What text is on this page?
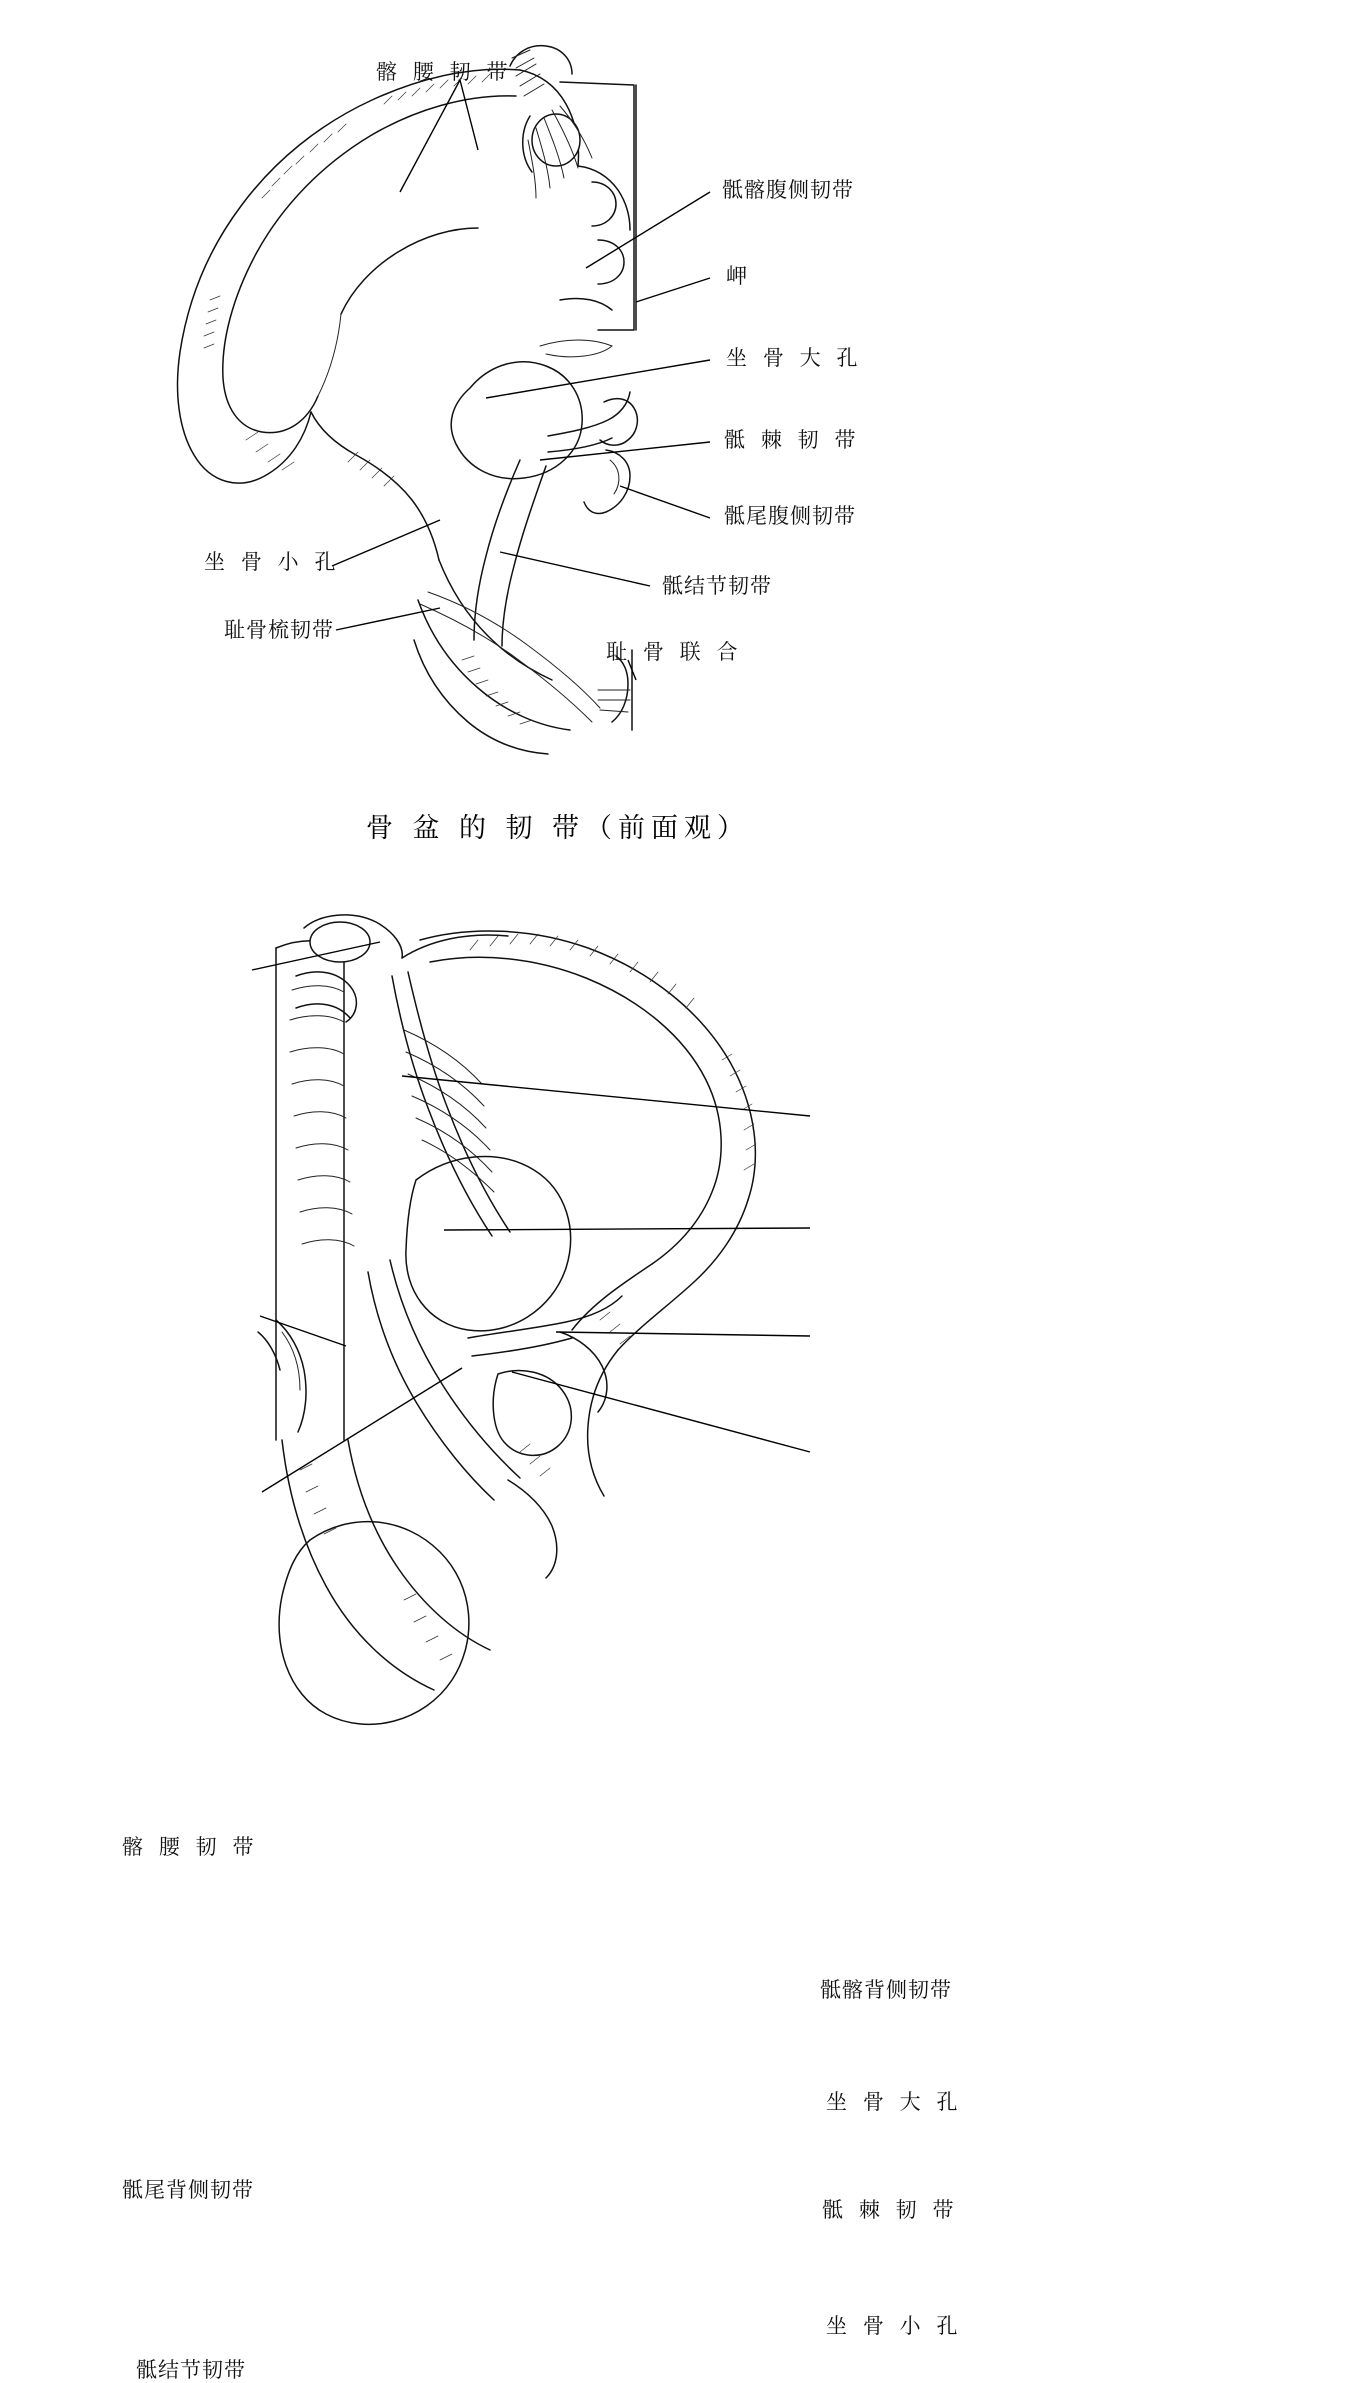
髂 腰 韧 带
骶髂腹侧韧带
岬
坐 骨 大 孔
骶 棘 韧 带
骶尾腹侧韧带
骶结节韧带
坐 骨 小 孔
耻骨梳韧带
耻 骨 联 合
骨 盆 的 韧 带（前面观）
髂 腰 韧 带
骶髂背侧韧带
坐 骨 大 孔
骶 棘 韧 带
骶尾背侧韧带
骶结节韧带
坐 骨 小 孔
